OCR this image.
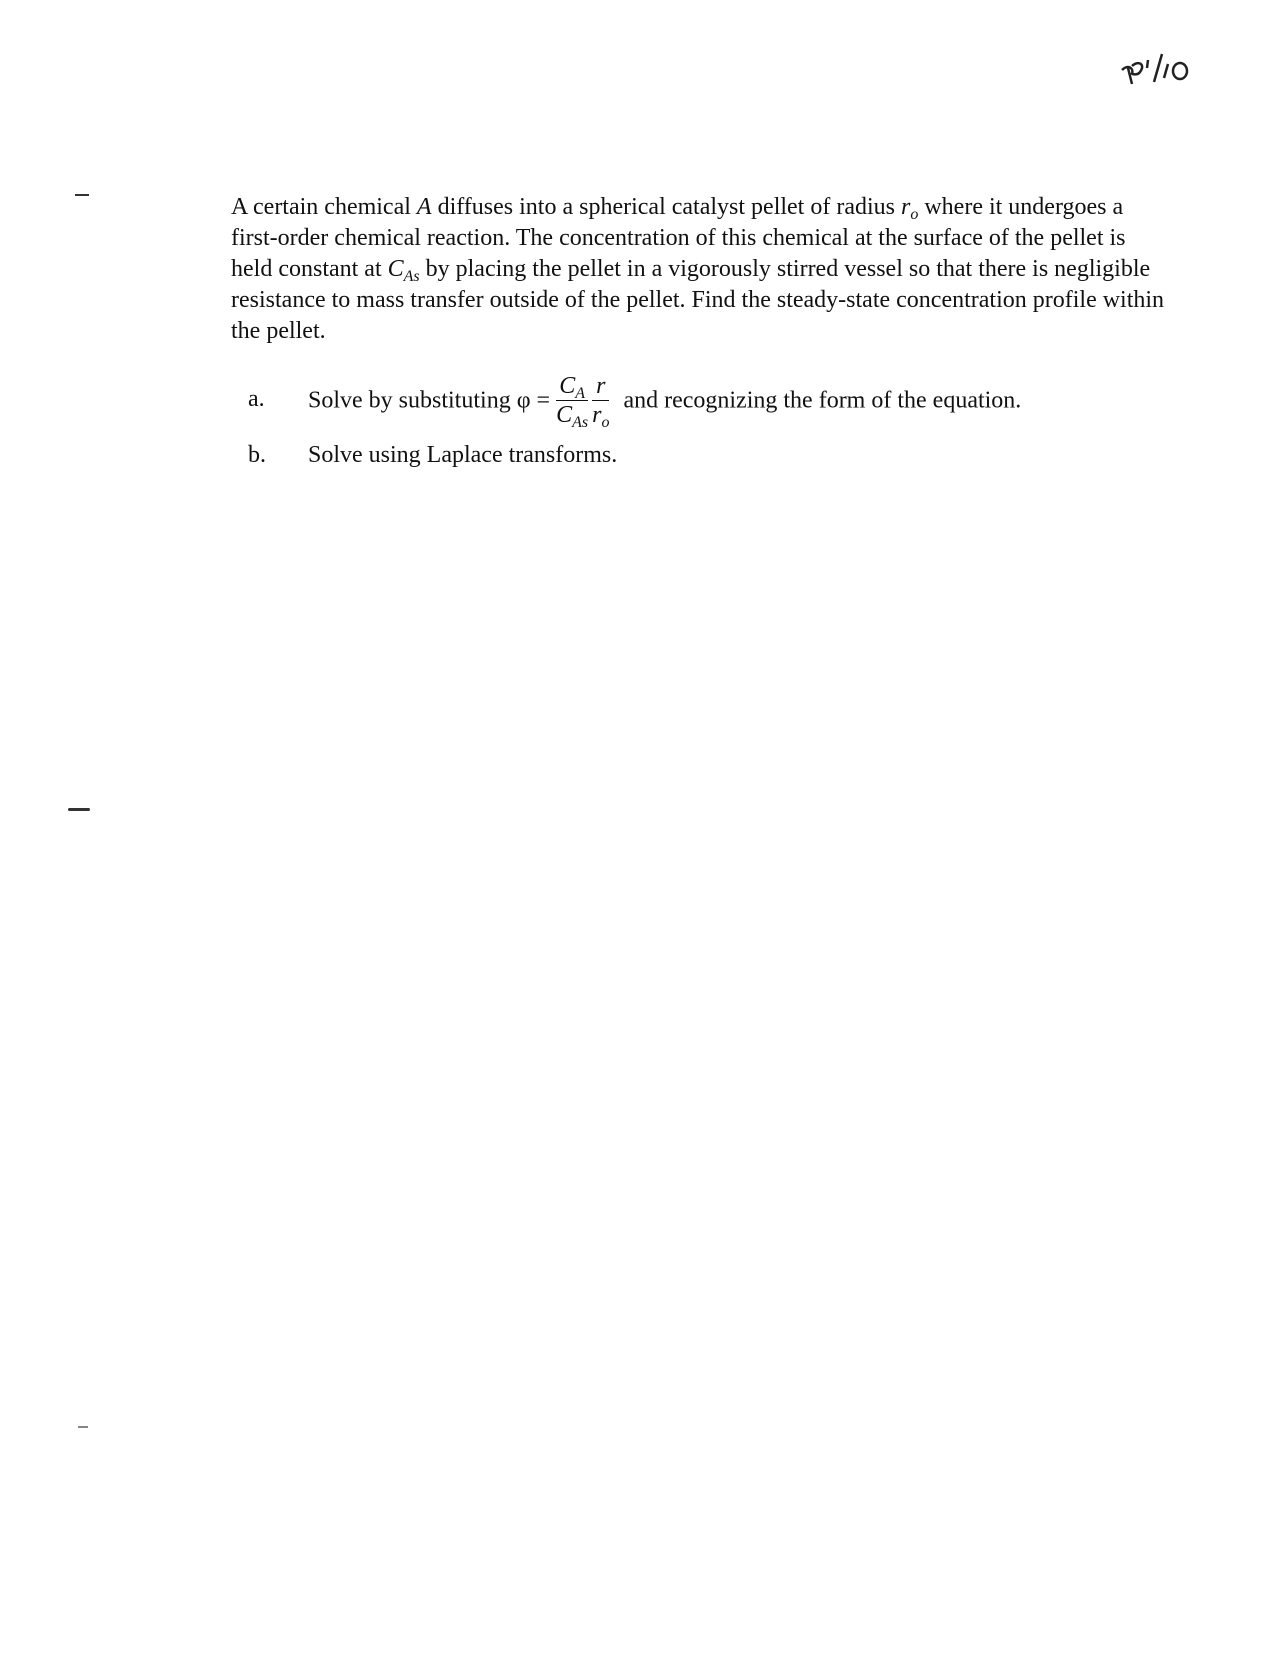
A certain chemical A diffuses into a spherical catalyst pellet of radius $r_o$ where it undergoes a first-order chemical reaction. The concentration of this chemical at the surface of the pellet is held constant at $C_{As}$ by placing the pellet in a vigorously stirred vessel so that there is negligible resistance to mass transfer outside of the pellet. Find the steady-state concentration profile within the pellet.

a. Solve by substituting $\varphi = \frac{C_A}{C_{As}} \frac{r}{r_o}$ and recognizing the form of the equation.
b. Solve using Laplace transforms.
